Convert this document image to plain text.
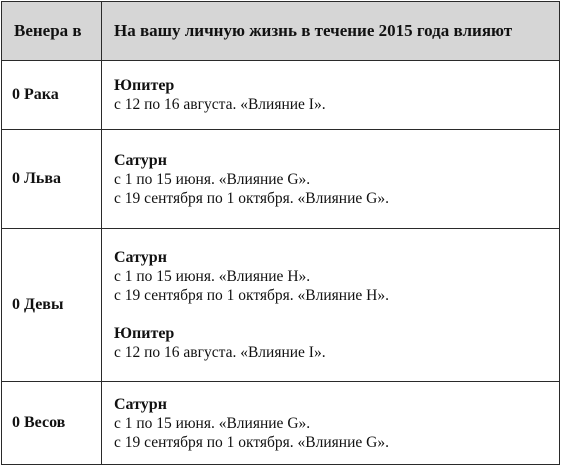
Венера в	На вашу личную жизнь в течение 2015 года влияют
0 Рака	Юпитер
с 12 по 16 августа. «Влияние I».

0 Льва	Сатурн
с 1 по 15 июня. «Влияние G».
с 19 сентября по 1 октября. «Влияние G».

0 Девы	Сатурн
с 1 по 15 июня. «Влияние H».
с 19 сентября по 1 октября. «Влияние H».
Юпитер
с 12 по 16 августа. «Влияние I».

0 Весов	Сатурн
с 1 по 15 июня. «Влияние G».
с 19 сентября по 1 октября. «Влияние G».
